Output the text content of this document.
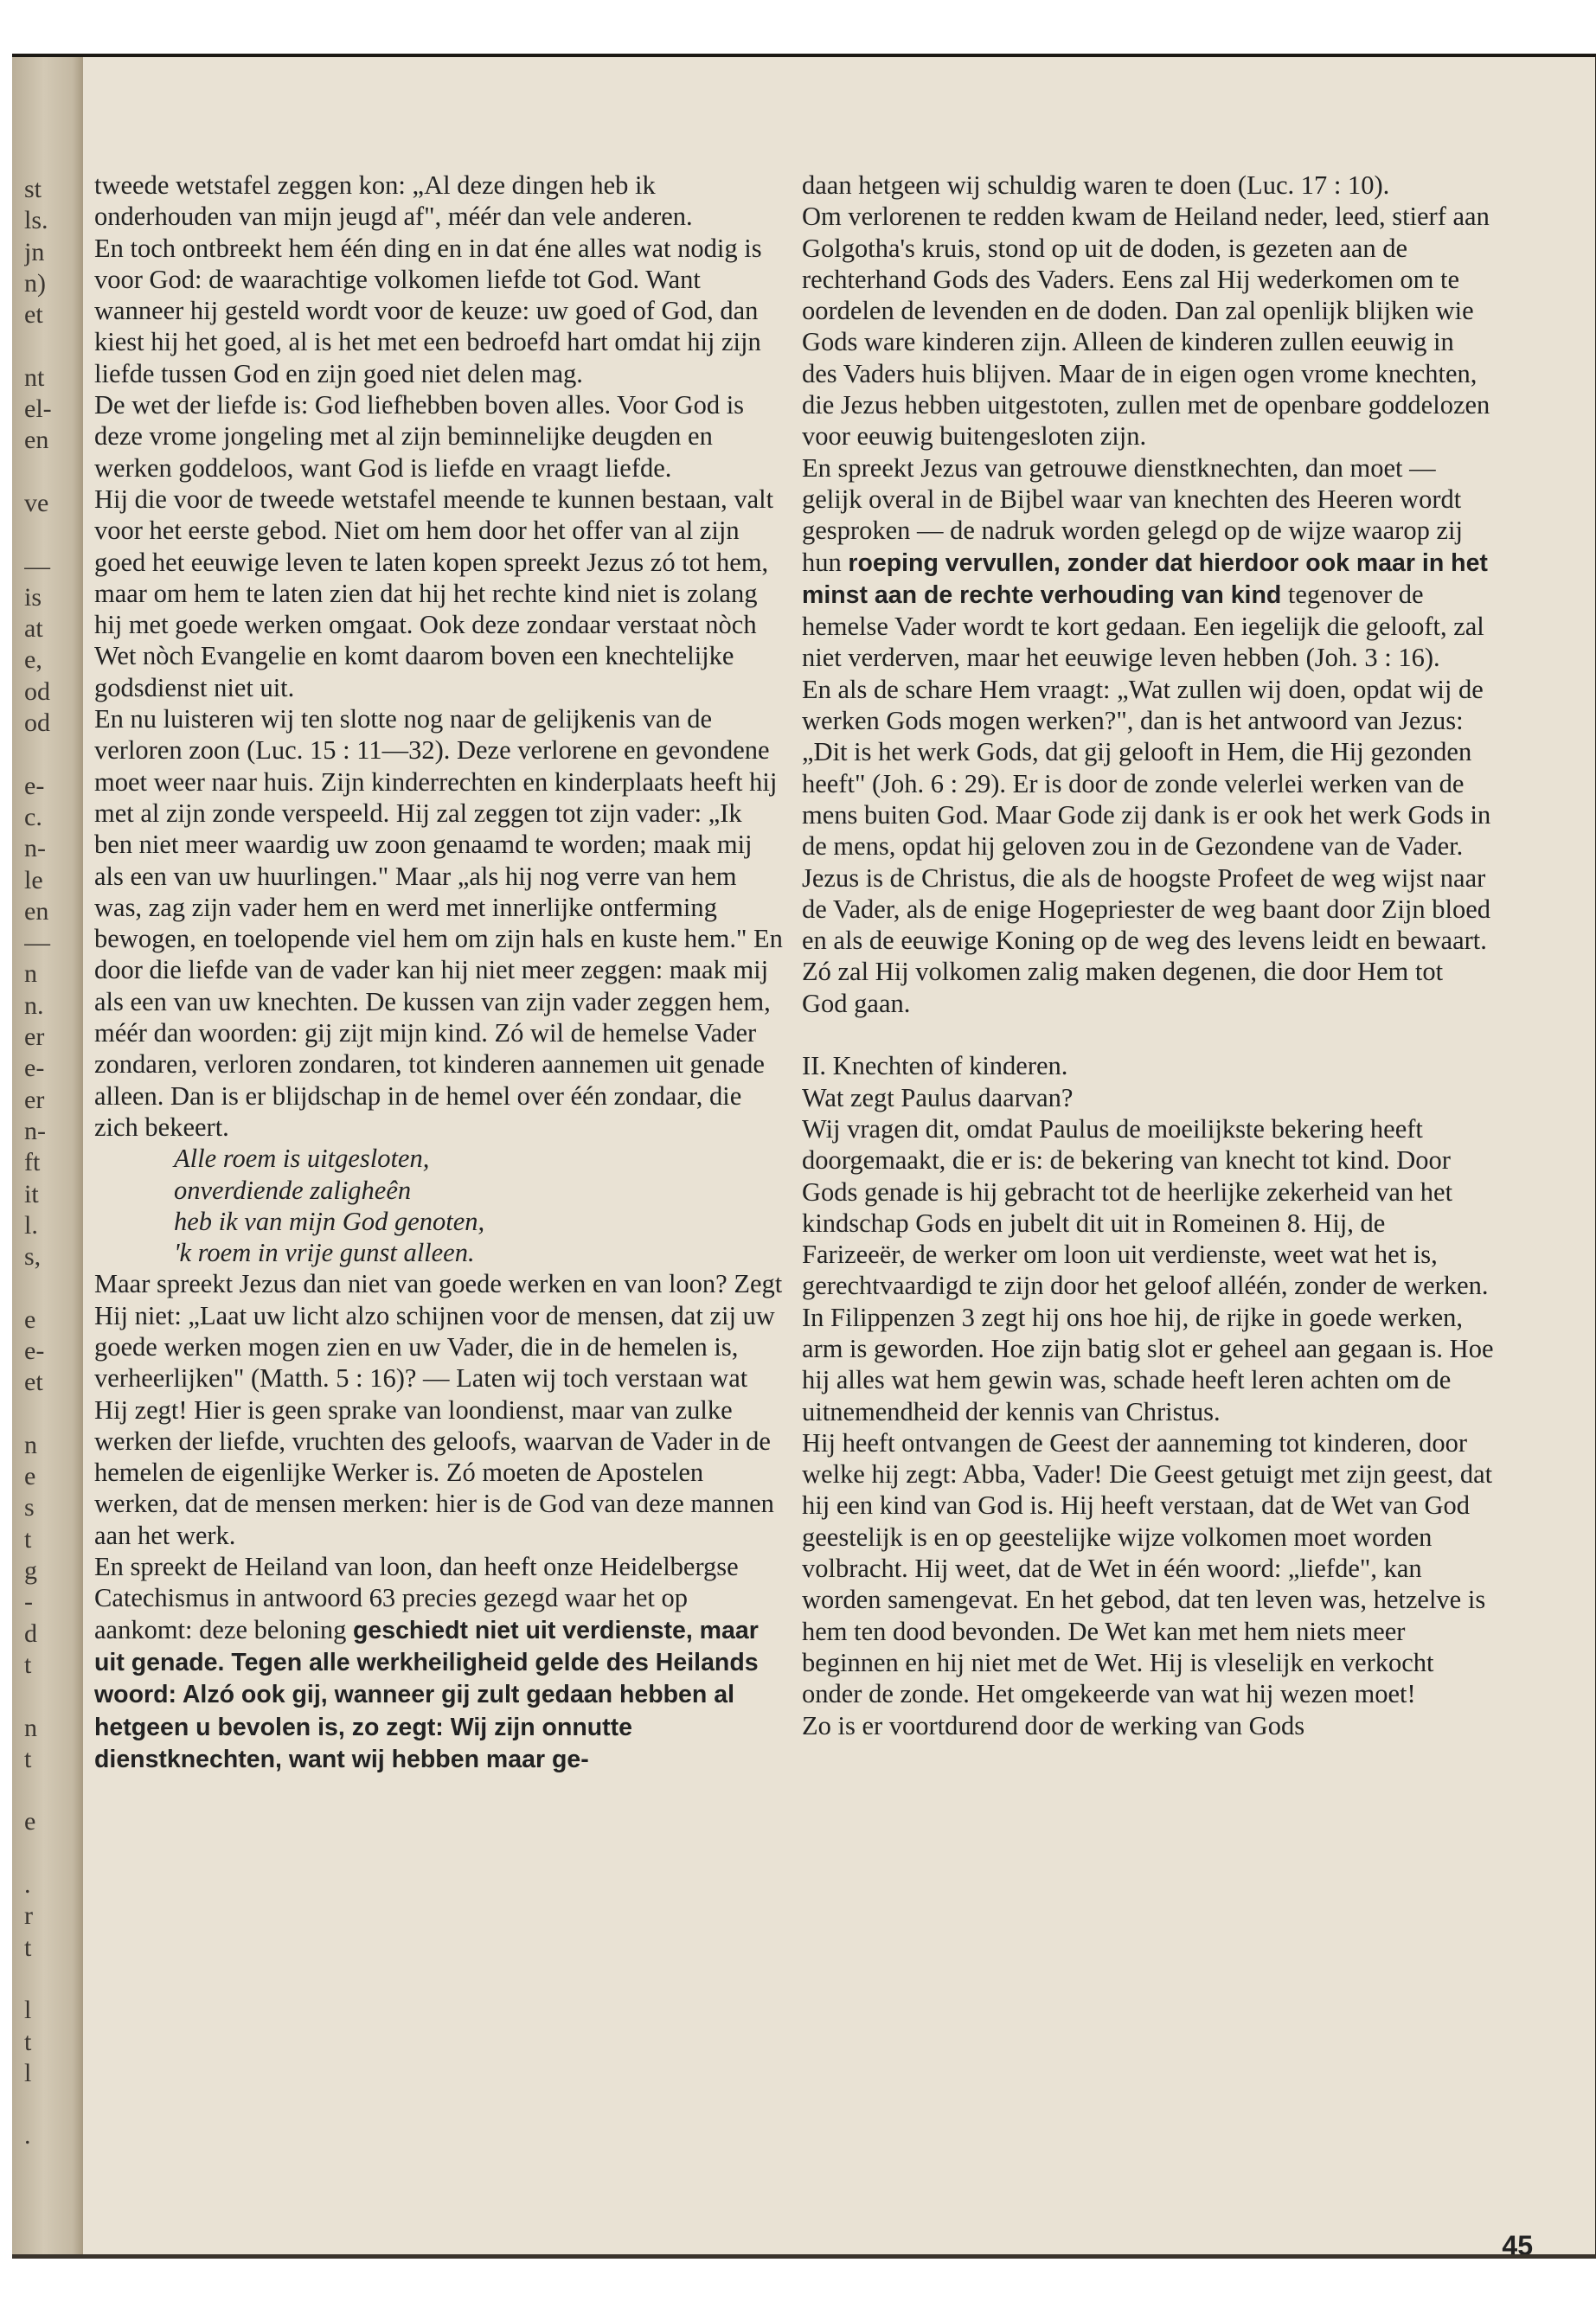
st
ls.
jn
n)
et
nt
el-
en
ve
—
is
at
e,
od
od
e-
c.
n-
le
en
—
n
n.
er
e-
er
n-
ft
it
l.
s,
e
e-
et
n
e
s
t
g
-
d
t
n
t
e
.
r
t
l
t
l
.

tweede wetstafel zeggen kon: „Al deze dingen heb ik onderhouden van mijn jeugd af", méér dan vele anderen.

En toch ontbreekt hem één ding en in dat éne alles wat nodig is voor God: de waarachtige volkomen liefde tot God. Want wanneer hij gesteld wordt voor de keuze: uw goed of God, dan kiest hij het goed, al is het met een bedroefd hart omdat hij zijn liefde tussen God en zijn goed niet delen mag.

De wet der liefde is: God liefhebben boven alles. Voor God is deze vrome jongeling met al zijn beminnelijke deugden en werken goddeloos, want God is liefde en vraagt liefde.

Hij die voor de tweede wetstafel meende te kunnen bestaan, valt voor het eerste gebod. Niet om hem door het offer van al zijn goed het eeuwige leven te laten kopen spreekt Jezus zó tot hem, maar om hem te laten zien dat hij het rechte kind niet is zolang hij met goede werken omgaat. Ook deze zondaar verstaat nòch Wet nòch Evangelie en komt daarom boven een knechtelijke godsdienst niet uit.

En nu luisteren wij ten slotte nog naar de gelijkenis van de verloren zoon (Luc. 15 : 11—32). Deze verlorene en gevondene moet weer naar huis. Zijn kinderrechten en kinderplaats heeft hij met al zijn zonde verspeeld. Hij zal zeggen tot zijn vader: „Ik ben niet meer waardig uw zoon genaamd te worden; maak mij als een van uw huurlingen." Maar „als hij nog verre van hem was, zag zijn vader hem en werd met innerlijke ontferming bewogen, en toelopende viel hem om zijn hals en kuste hem." En door die liefde van de vader kan hij niet meer zeggen: maak mij als een van uw knechten. De kussen van zijn vader zeggen hem, méér dan woorden: gij zijt mijn kind. Zó wil de hemelse Vader zondaren, verloren zondaren, tot kinderen aannemen uit genade alleen. Dan is er blijdschap in de hemel over één zondaar, die zich bekeert.

Alle roem is uitgesloten,
onverdiende zaligheên
heb ik van mijn God genoten,
'k roem in vrije gunst alleen.

Maar spreekt Jezus dan niet van goede werken en van loon? Zegt Hij niet: „Laat uw licht alzo schijnen voor de mensen, dat zij uw goede werken mogen zien en uw Vader, die in de hemelen is, verheerlijken" (Matth. 5 : 16)? — Laten wij toch verstaan wat Hij zegt! Hier is geen sprake van loondienst, maar van zulke werken der liefde, vruchten des geloofs, waarvan de Vader in de hemelen de eigenlijke Werker is. Zó moeten de Apostelen werken, dat de mensen merken: hier is de God van deze mannen aan het werk.

En spreekt de Heiland van loon, dan heeft onze Heidelbergse Catechismus in antwoord 63 precies gezegd waar het op aankomt: deze beloning geschiedt niet uit verdienste, maar uit genade. Tegen alle werkheiligheid gelde des Heilands woord: Alzó ook gij, wanneer gij zult gedaan hebben al hetgeen u bevolen is, zo zegt: Wij zijn onnutte dienstknechten, want wij hebben maar ge-

daan hetgeen wij schuldig waren te doen (Luc. 17 : 10).

Om verlorenen te redden kwam de Heiland neder, leed, stierf aan Golgotha's kruis, stond op uit de doden, is gezeten aan de rechterhand Gods des Vaders. Eens zal Hij wederkomen om te oordelen de levenden en de doden. Dan zal openlijk blijken wie Gods ware kinderen zijn. Alleen de kinderen zullen eeuwig in des Vaders huis blijven. Maar de in eigen ogen vrome knechten, die Jezus hebben uitgestoten, zullen met de openbare goddelozen voor eeuwig buitengesloten zijn.

En spreekt Jezus van getrouwe dienstknechten, dan moet — gelijk overal in de Bijbel waar van knechten des Heeren wordt gesproken — de nadruk worden gelegd op de wijze waarop zij hun roeping vervullen, zonder dat hierdoor ook maar in het minst aan de rechte verhouding van kind tegenover de hemelse Vader wordt te kort gedaan. Een iegelijk die gelooft, zal niet verderven, maar het eeuwige leven hebben (Joh. 3 : 16).

En als de schare Hem vraagt: „Wat zullen wij doen, opdat wij de werken Gods mogen werken?", dan is het antwoord van Jezus: „Dit is het werk Gods, dat gij gelooft in Hem, die Hij gezonden heeft" (Joh. 6 : 29). Er is door de zonde velerlei werken van de mens buiten God. Maar Gode zij dank is er ook het werk Gods in de mens, opdat hij geloven zou in de Gezondene van de Vader.

Jezus is de Christus, die als de hoogste Profeet de weg wijst naar de Vader, als de enige Hogepriester de weg baant door Zijn bloed en als de eeuwige Koning op de weg des levens leidt en bewaart. Zó zal Hij volkomen zalig maken degenen, die door Hem tot God gaan.

II. Knechten of kinderen.

Wat zegt Paulus daarvan?

Wij vragen dit, omdat Paulus de moeilijkste bekering heeft doorgemaakt, die er is: de bekering van knecht tot kind. Door Gods genade is hij gebracht tot de heerlijke zekerheid van het kindschap Gods en jubelt dit uit in Romeinen 8. Hij, de Farizeeër, de werker om loon uit verdienste, weet wat het is, gerechtvaardigd te zijn door het geloof alléén, zonder de werken.

In Filippenzen 3 zegt hij ons hoe hij, de rijke in goede werken, arm is geworden. Hoe zijn batig slot er geheel aan gegaan is. Hoe hij alles wat hem gewin was, schade heeft leren achten om de uitnemendheid der kennis van Christus.

Hij heeft ontvangen de Geest der aanneming tot kinderen, door welke hij zegt: Abba, Vader! Die Geest getuigt met zijn geest, dat hij een kind van God is. Hij heeft verstaan, dat de Wet van God geestelijk is en op geestelijke wijze volkomen moet worden volbracht. Hij weet, dat de Wet in één woord: „liefde", kan worden samengevat. En het gebod, dat ten leven was, hetzelve is hem ten dood bevonden. De Wet kan met hem niets meer beginnen en hij niet met de Wet. Hij is vleselijk en verkocht onder de zonde. Het omgekeerde van wat hij wezen moet!

Zo is er voortdurend door de werking van Gods

45
